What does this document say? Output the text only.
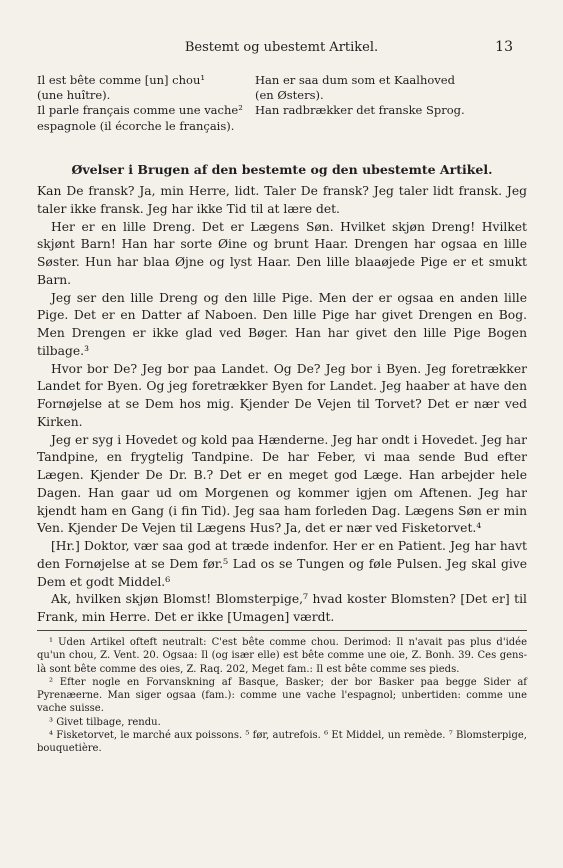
Bestemt og ubestemt Artikel.	13
Il est bête comme [un] chou¹	Han er saa dum som et Kaalhoved
(une huître).	(en Østers).
Il parle français comme une vache²	Han radbrækker det franske Sprog.
espagnole (il écorche le français).
Øvelser i Brugen af den bestemte og den ubestemte Artikel.

Kan De fransk? Ja, min Herre, lidt. Taler De fransk? Jeg taler lidt fransk. Jeg taler ikke fransk. Jeg har ikke Tid til at lære det.

Her er en lille Dreng. Det er Lægens Søn. Hvilket skjøn Dreng! Hvilket skjønt Barn! Han har sorte Øine og brunt Haar. Drengen har ogsaa en lille Søster. Hun har blaa Øjne og lyst Haar. Den lille blaaøjede Pige er et smukt Barn.

Jeg ser den lille Dreng og den lille Pige. Men der er ogsaa en anden lille Pige. Det er en Datter af Naboen. Den lille Pige har givet Drengen en Bog. Men Drengen er ikke glad ved Bøger. Han har givet den lille Pige Bogen tilbage.³

Hvor bor De? Jeg bor paa Landet. Og De? Jeg bor i Byen. Jeg foretrækker Landet for Byen. Og jeg foretrækker Byen for Landet. Jeg haaber at have den Fornøjelse at se Dem hos mig. Kjender De Vejen til Torvet? Det er nær ved Kirken.

Jeg er syg i Hovedet og kold paa Hænderne. Jeg har ondt i Hovedet. Jeg har Tandpine, en frygtelig Tandpine. De har Feber, vi maa sende Bud efter Lægen. Kjender De Dr. B.? Det er en meget god Læge. Han arbejder hele Dagen. Han gaar ud om Morgenen og kommer igjen om Aftenen. Jeg har kjendt ham en Gang (i fin Tid). Jeg saa ham forleden Dag. Lægens Søn er min Ven. Kjender De Vejen til Lægens Hus? Ja, det er nær ved Fisketorvet.⁴

[Hr.] Doktor, vær saa god at træde indenfor. Her er en Patient. Jeg har havt den Fornøjelse at se Dem før.⁵ Lad os se Tungen og føle Pulsen. Jeg skal give Dem et godt Middel.⁶

Ak, hvilken skjøn Blomst! Blomsterpige,⁷ hvad koster Blomsten? [Det er] til Frank, min Herre. Det er ikke [Umagen] værdt.

¹ Uden Artikel ofteft neutralt: C'est bête comme chou. Derimod: Il n'avait pas plus d'idée qu'un chou, Z. Vent. 20. Ogsaa: Il (og især elle) est bête comme une oie, Z. Bonh. 39. Ces gens-là sont bête comme des oies, Z. Raq. 202, Meget fam.: Il est bête comme ses pieds.

² Efter nogle en Forvanskning af Basque, Basker; der bor Basker paa begge Sider af Pyrenæerne. Man siger ogsaa (fam.): comme une vache l'espagnol; unbertiden: comme une vache suisse.

³ Givet tilbage, rendu.

⁴ Fisketorvet, le marché aux poissons. ⁵ før, autrefois. ⁶ Et Middel, un remède. ⁷ Blomsterpige, bouquetière.
